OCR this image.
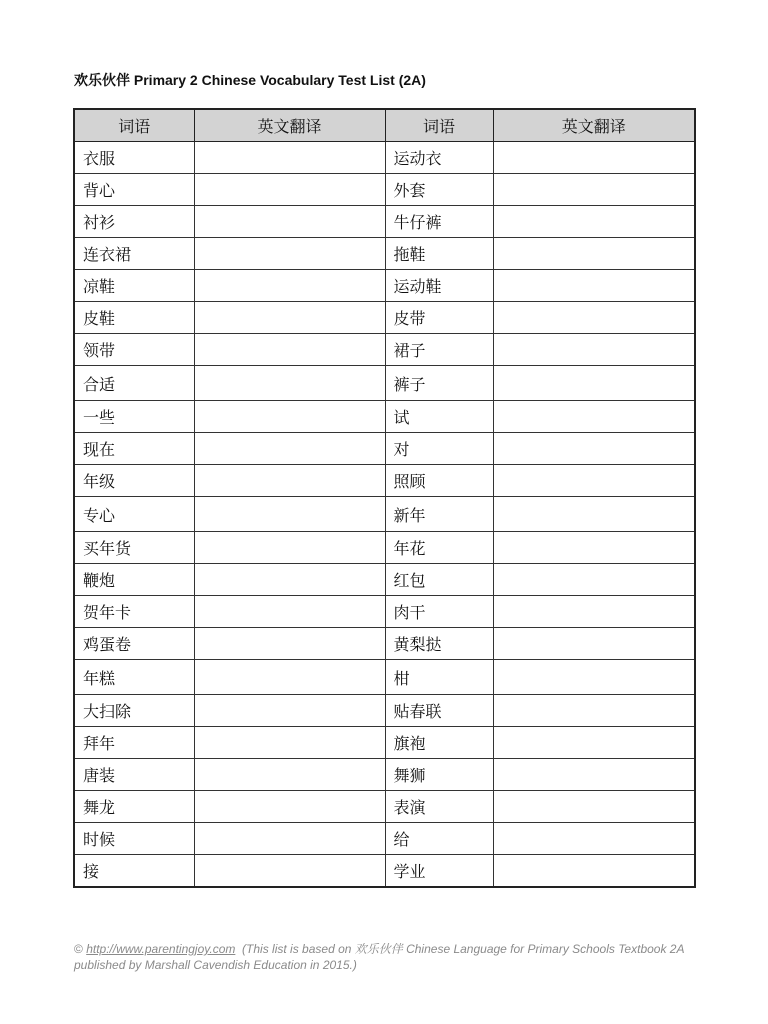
欢乐伙伴 Primary 2 Chinese Vocabulary Test List (2A)
词语	英文翻译	词语	英文翻译
衣服		运动衣	
背心		外套	
衬衫		牛仔裤	
连衣裙		拖鞋	
凉鞋		运动鞋	
皮鞋		皮带	
领带		裙子	
合适		裤子	
一些		试	
现在		对	
年级		照顾	
专心		新年	
买年货		年花	
鞭炮		红包	
贺年卡		肉干	
鸡蛋卷		黄梨挞	
年糕		柑	
大扫除		贴春联	
拜年		旗袍	
唐装		舞狮	
舞龙		表演	
时候		给	
接		学业	
© http://www.parentingjoy.com (This list is based on 欢乐伙伴 Chinese Language for Primary Schools Textbook 2A published by Marshall Cavendish Education in 2015.)
